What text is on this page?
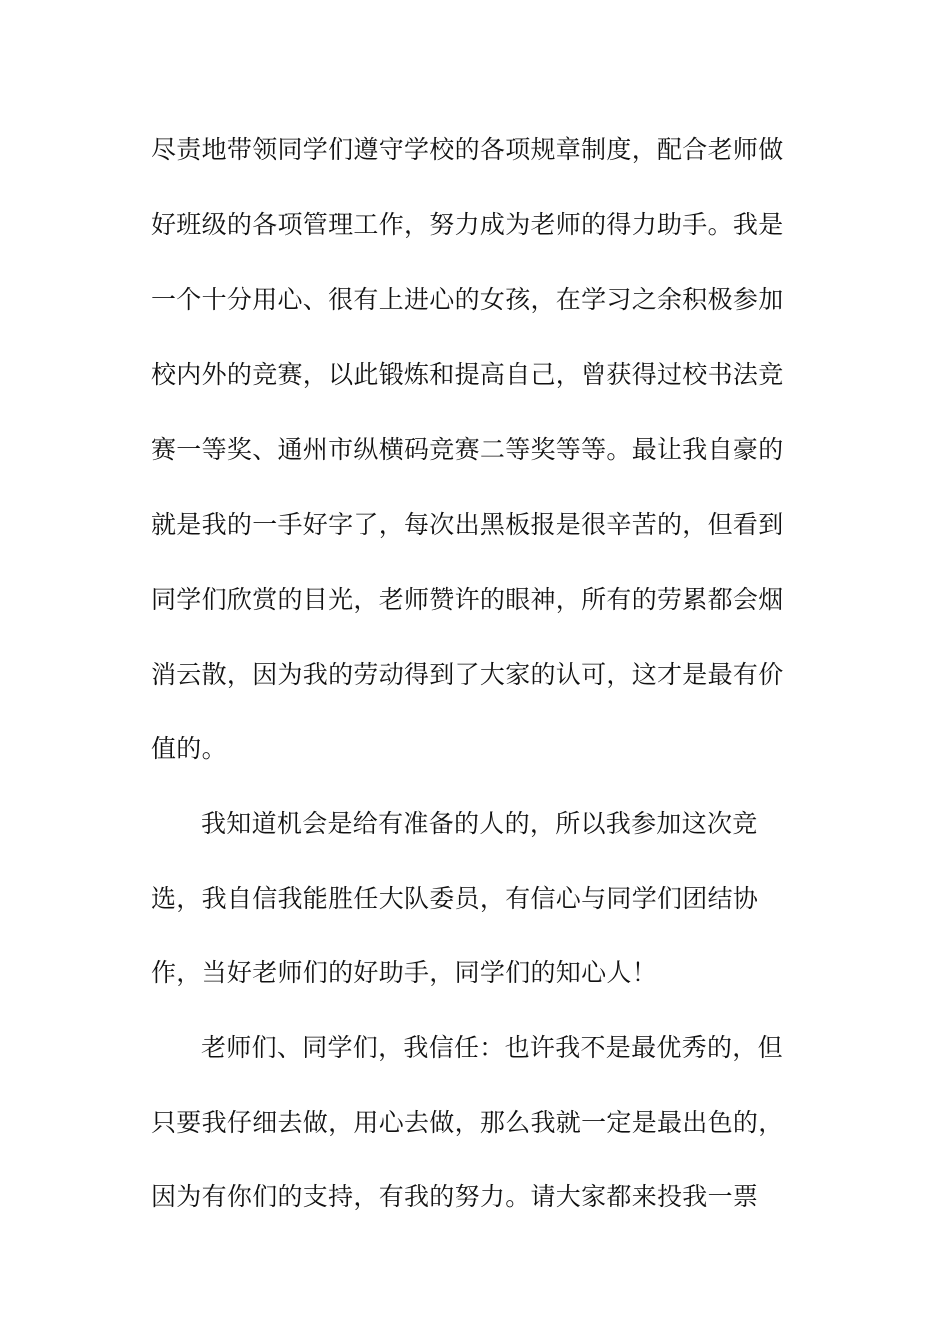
尽责地带领同学们遵守学校的各项规章制度，配合老师做
好班级的各项管理工作，努力成为老师的得力助手。我是
一个十分用心、很有上进心的女孩，在学习之余积极参加
校内外的竞赛，以此锻炼和提高自己，曾获得过校书法竞
赛一等奖、通州市纵横码竞赛二等奖等等。最让我自豪的
就是我的一手好字了，每次出黑板报是很辛苦的，但看到
同学们欣赏的目光，老师赞许的眼神，所有的劳累都会烟
消云散，因为我的劳动得到了大家的认可，这才是最有价
值的。
我知道机会是给有准备的人的，所以我参加这次竞
选，我自信我能胜任大队委员，有信心与同学们团结协
作，当好老师们的好助手，同学们的知心人！
老师们、同学们，我信任：也许我不是最优秀的，但
只要我仔细去做，用心去做，那么我就一定是最出色的，
因为有你们的支持，有我的努力。请大家都来投我一票
